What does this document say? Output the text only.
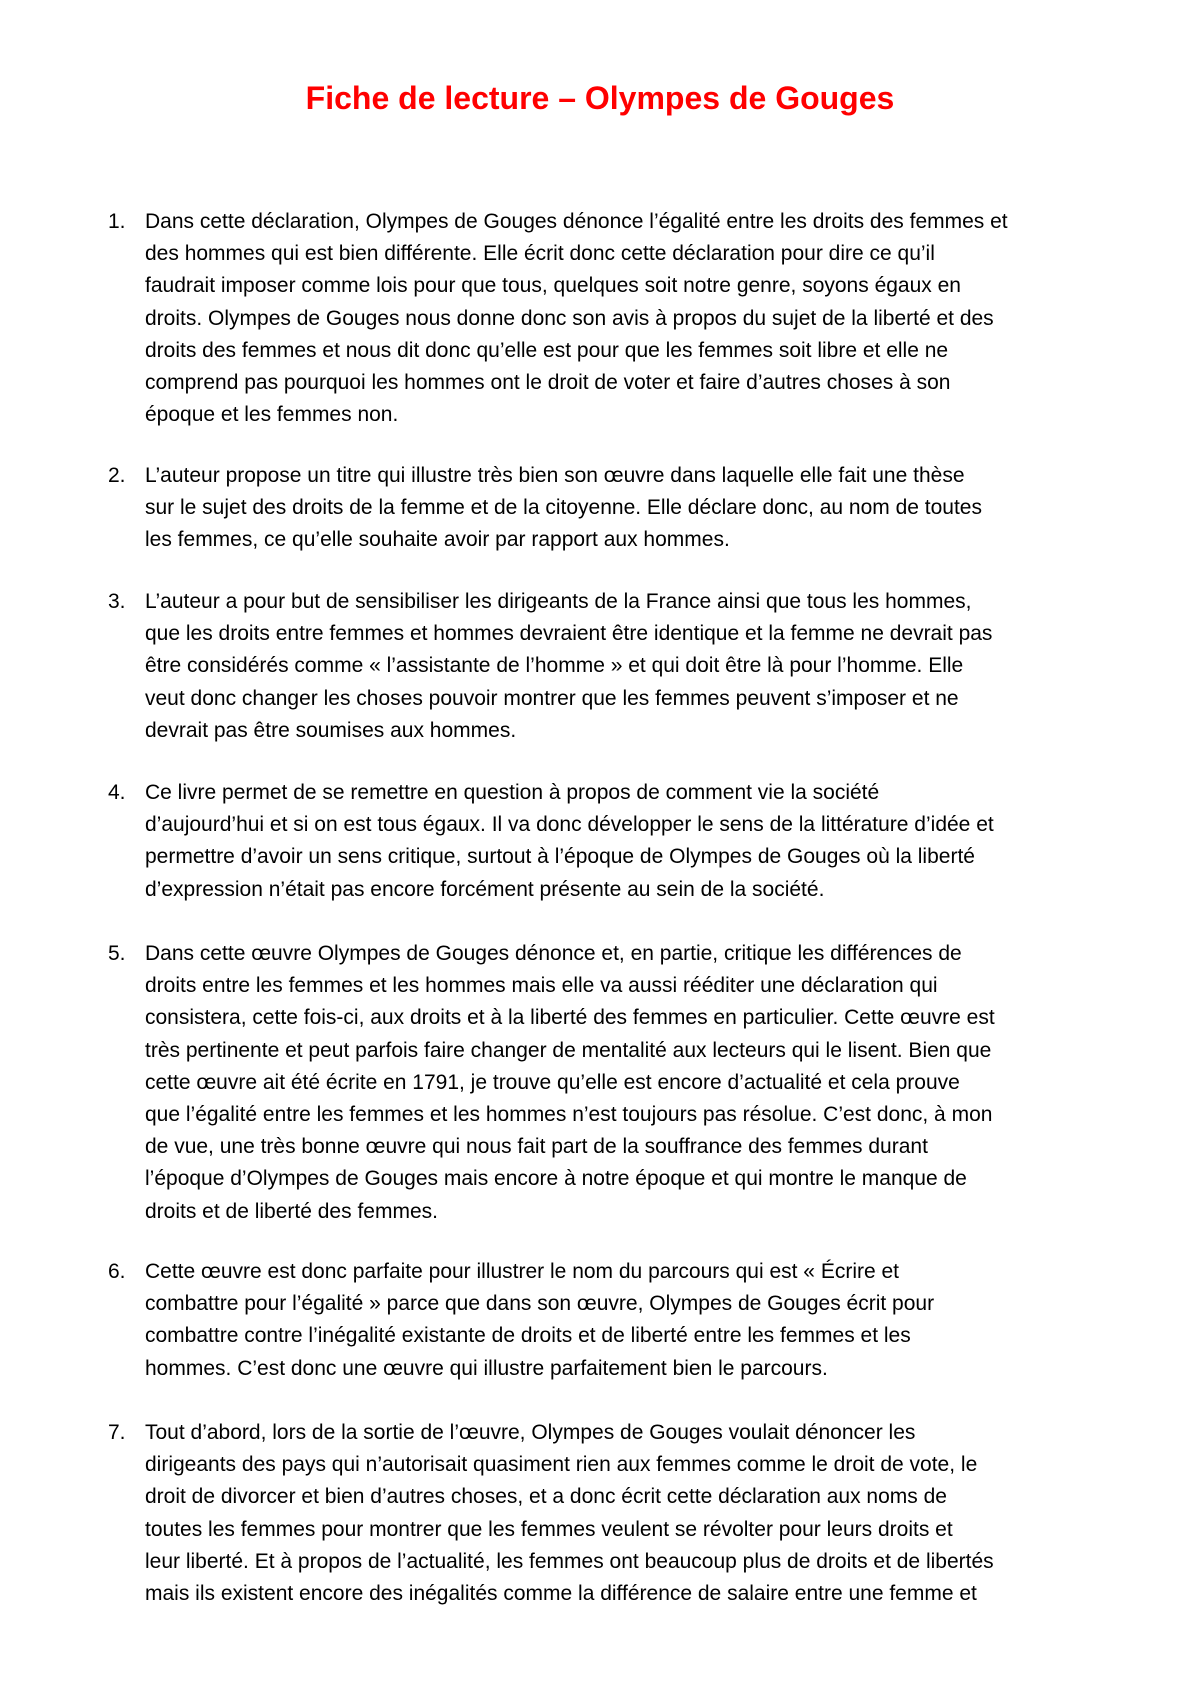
Fiche de lecture – Olympes de Gouges
1. Dans cette déclaration, Olympes de Gouges dénonce l’égalité entre les droits des femmes et
des hommes qui est bien différente. Elle écrit donc cette déclaration pour dire ce qu’il
faudrait imposer comme lois pour que tous, quelques soit notre genre, soyons égaux en
droits. Olympes de Gouges nous donne donc son avis à propos du sujet de la liberté et des
droits des femmes et nous dit donc qu’elle est pour que les femmes soit libre et elle ne
comprend pas pourquoi les hommes ont le droit de voter et faire d’autres choses à son
époque et les femmes non.
2. L’auteur propose un titre qui illustre très bien son œuvre dans laquelle elle fait une thèse
sur le sujet des droits de la femme et de la citoyenne. Elle déclare donc, au nom de toutes
les femmes, ce qu’elle souhaite avoir par rapport aux hommes.
3. L’auteur a pour but de sensibiliser les dirigeants de la France ainsi que tous les hommes,
que les droits entre femmes et hommes devraient être identique et la femme ne devrait pas
être considérés comme « l’assistante de l’homme » et qui doit être là pour l’homme. Elle
veut donc changer les choses pouvoir montrer que les femmes peuvent s’imposer et ne
devrait pas être soumises aux hommes.
4. Ce livre permet de se remettre en question à propos de comment vie la société
d’aujourd’hui et si on est tous égaux. Il va donc développer le sens de la littérature d’idée et
permettre d’avoir un sens critique, surtout à l’époque de Olympes de Gouges où la liberté
d’expression n’était pas encore forcément présente au sein de la société.
5. Dans cette œuvre Olympes de Gouges dénonce et, en partie, critique les différences de
droits entre les femmes et les hommes mais elle va aussi rééditer une déclaration qui
consistera, cette fois-ci, aux droits et à la liberté des femmes en particulier. Cette œuvre est
très pertinente et peut parfois faire changer de mentalité aux lecteurs qui le lisent. Bien que
cette œuvre ait été écrite en 1791, je trouve qu’elle est encore d’actualité et cela prouve
que l’égalité entre les femmes et les hommes n’est toujours pas résolue. C’est donc, à mon
de vue, une très bonne œuvre qui nous fait part de la souffrance des femmes durant
l’époque d’Olympes de Gouges mais encore à notre époque et qui montre le manque de
droits et de liberté des femmes.
6. Cette œuvre est donc parfaite pour illustrer le nom du parcours qui est « Écrire et
combattre pour l’égalité » parce que dans son œuvre, Olympes de Gouges écrit pour
combattre contre l’inégalité existante de droits et de liberté entre les femmes et les
hommes. C’est donc une œuvre qui illustre parfaitement bien le parcours.
7. Tout d’abord, lors de la sortie de l’œuvre, Olympes de Gouges voulait dénoncer les
dirigeants des pays qui n’autorisait quasiment rien aux femmes comme le droit de vote, le
droit de divorcer et bien d’autres choses, et a donc écrit cette déclaration aux noms de
toutes les femmes pour montrer que les femmes veulent se révolter pour leurs droits et
leur liberté. Et à propos de l’actualité, les femmes ont beaucoup plus de droits et de libertés
mais ils existent encore des inégalités comme la différence de salaire entre une femme et
